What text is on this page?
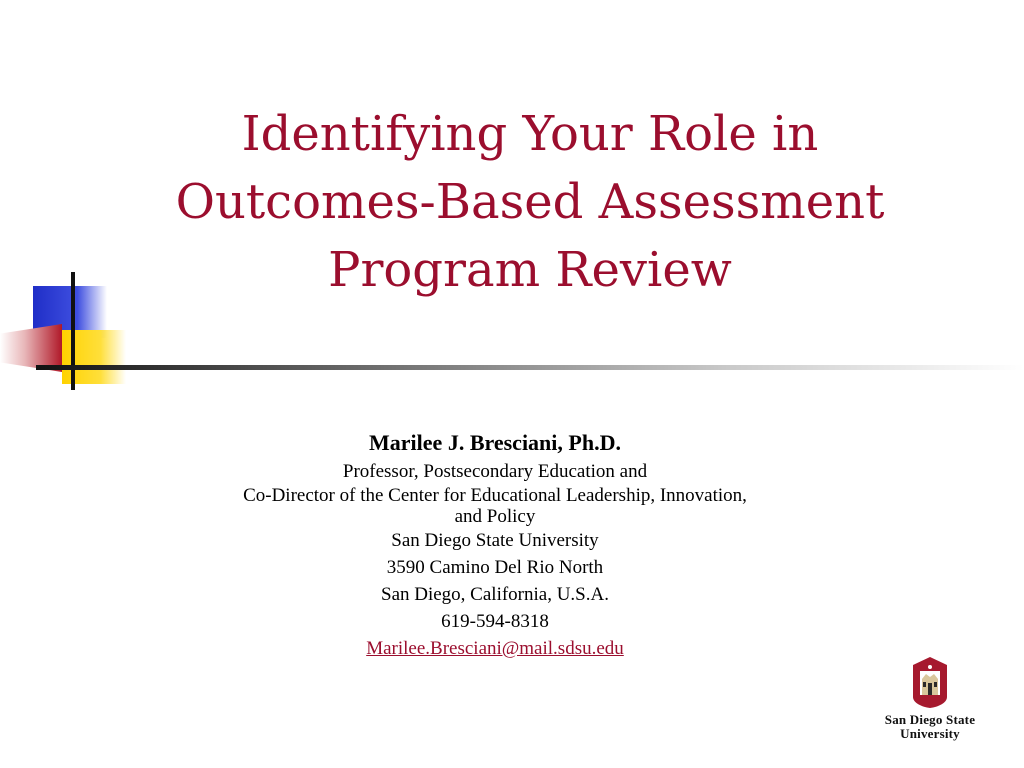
Identifying Your Role in
Outcomes-Based Assessment
Program Review
Marilee J. Bresciani, Ph.D.
Professor, Postsecondary Education and
Co-Director of the Center for Educational Leadership, Innovation,
and Policy
San Diego State University
3590 Camino Del Rio North
San Diego, California, U.S.A.
619-594-8318
Marilee.Bresciani@mail.sdsu.edu
San Diego State
University
